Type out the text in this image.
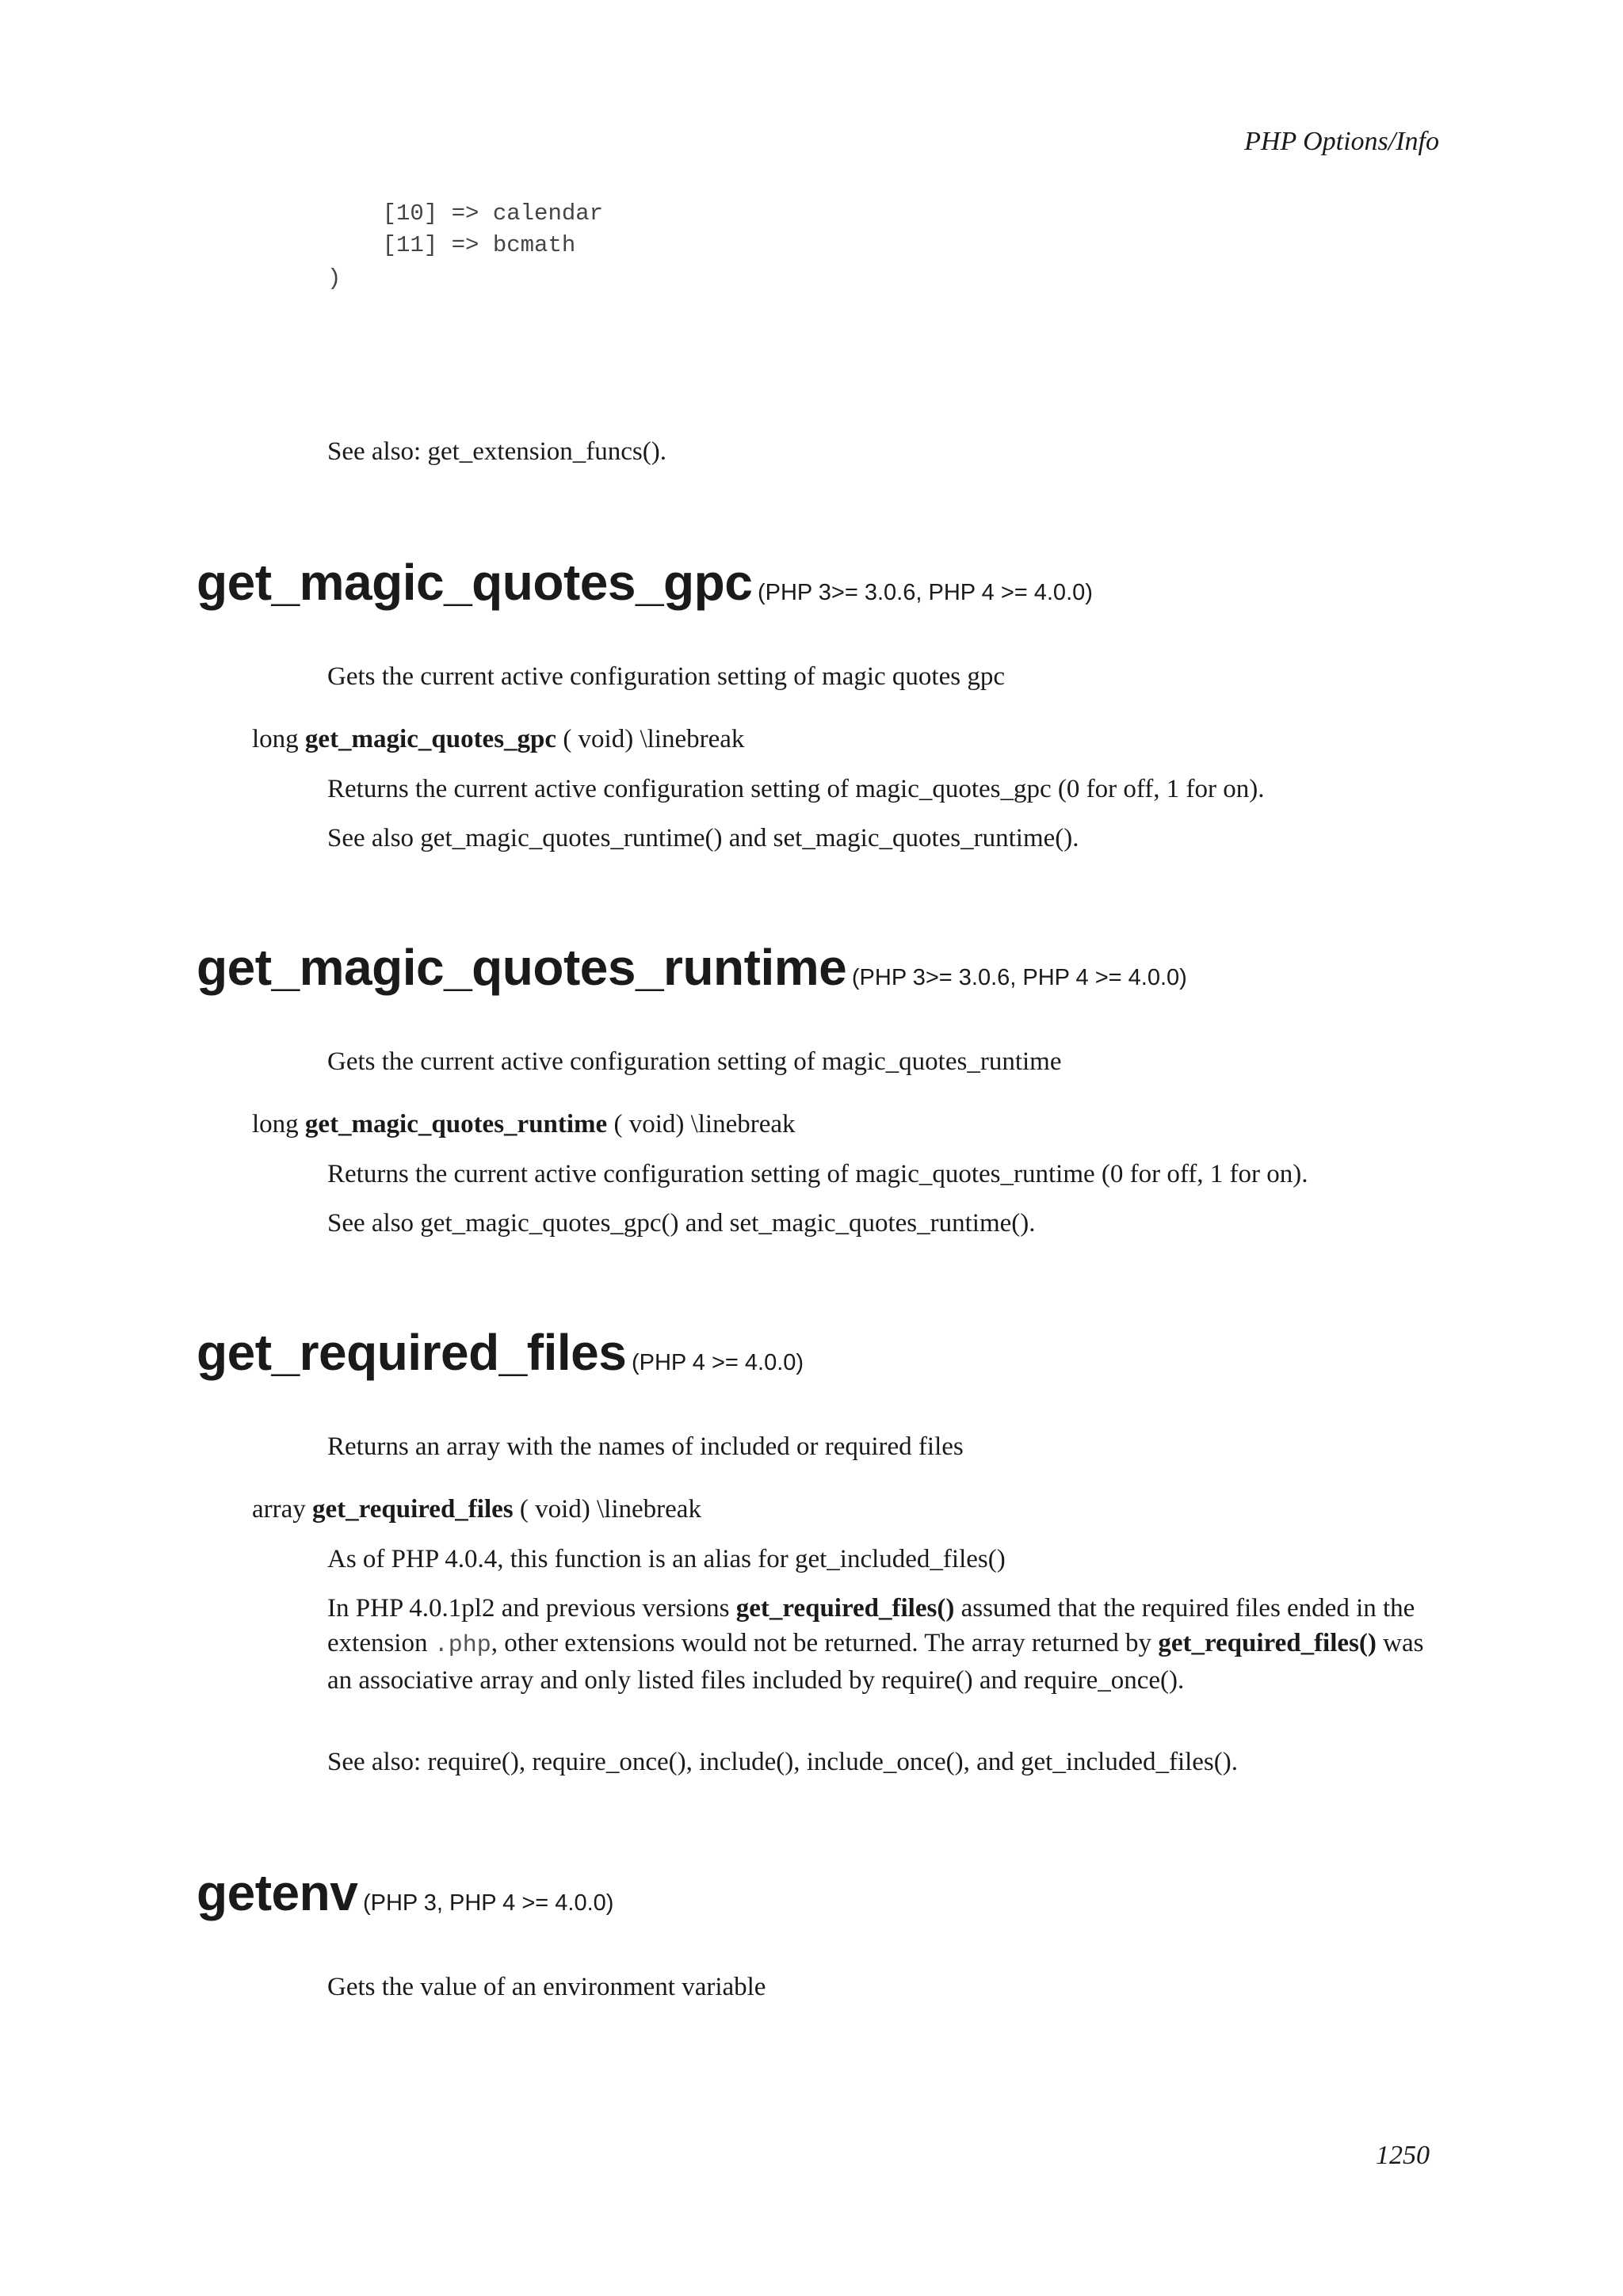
PHP Options/Info
[10] => calendar
[11] => bcmath
)

See also: get_extension_funcs().

get_magic_quotes_gpc (PHP 3>= 3.0.6, PHP 4 >= 4.0.0)

Gets the current active configuration setting of magic quotes gpc

long get_magic_quotes_gpc ( void) \linebreak

Returns the current active configuration setting of magic_quotes_gpc (0 for off, 1 for on).

See also get_magic_quotes_runtime() and set_magic_quotes_runtime().

get_magic_quotes_runtime (PHP 3>= 3.0.6, PHP 4 >= 4.0.0)

Gets the current active configuration setting of magic_quotes_runtime

long get_magic_quotes_runtime ( void) \linebreak

Returns the current active configuration setting of magic_quotes_runtime (0 for off, 1 for on).

See also get_magic_quotes_gpc() and set_magic_quotes_runtime().

get_required_files (PHP 4 >= 4.0.0)

Returns an array with the names of included or required files

array get_required_files ( void) \linebreak

As of PHP 4.0.4, this function is an alias for get_included_files()

In PHP 4.0.1pl2 and previous versions get_required_files() assumed that the required files ended in the extension .php, other extensions would not be returned. The array returned by get_required_files() was an associative array and only listed files included by require() and require_once().

See also: require(), require_once(), include(), include_once(), and get_included_files().

getenv (PHP 3, PHP 4 >= 4.0.0)

Gets the value of an environment variable

1250
